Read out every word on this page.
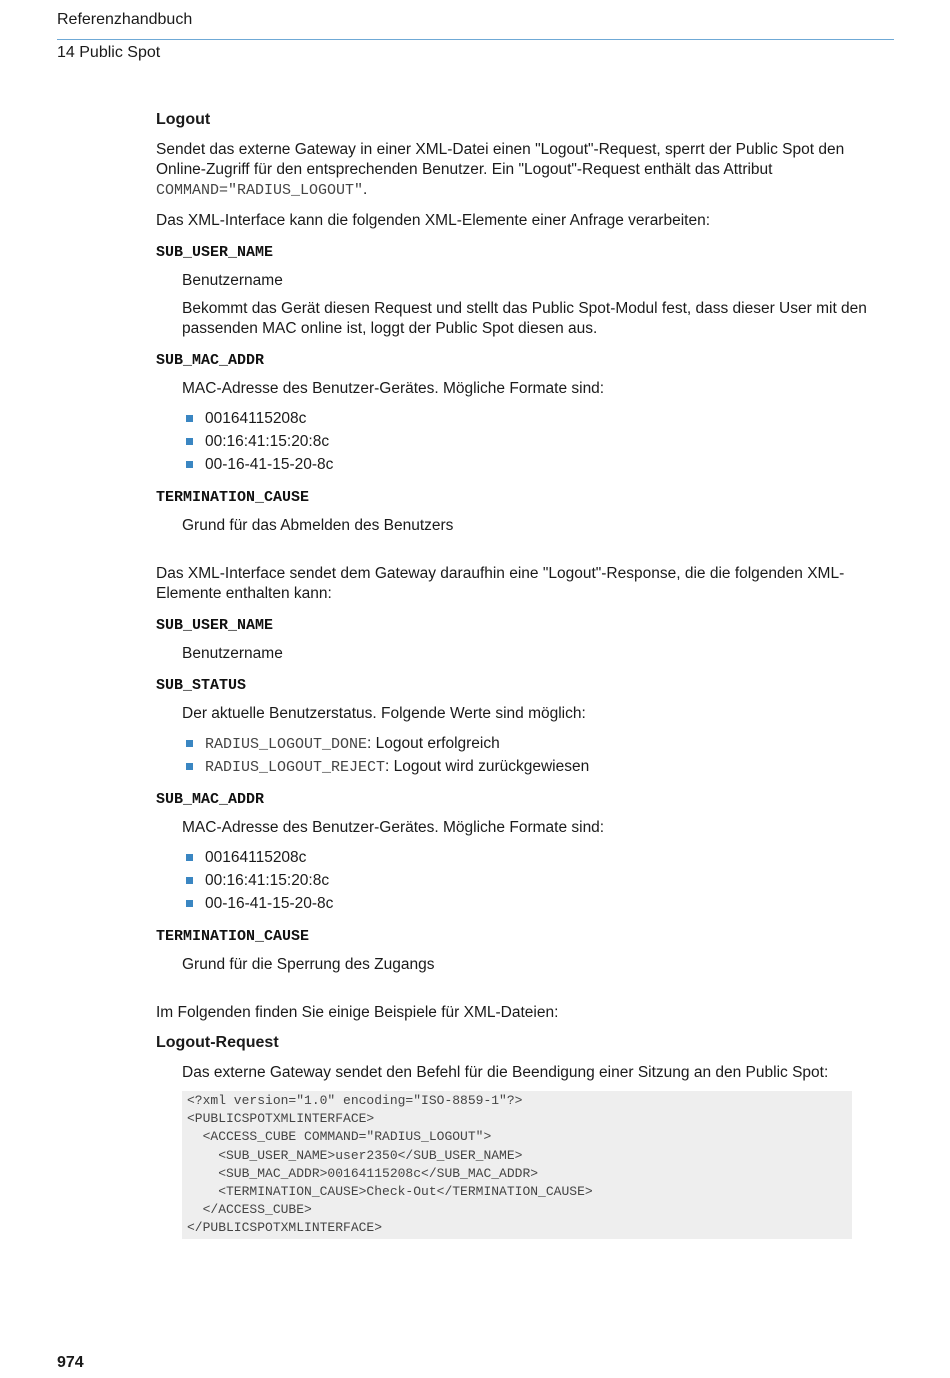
Referenzhandbuch
14 Public Spot
Logout

Sendet das externe Gateway in einer XML-Datei einen "Logout"-Request, sperrt der Public Spot den Online-Zugriff für den entsprechenden Benutzer. Ein "Logout"-Request enthält das Attribut COMMAND="RADIUS_LOGOUT".

Das XML-Interface kann die folgenden XML-Elemente einer Anfrage verarbeiten:

SUB_USER_NAME

Benutzername

Bekommt das Gerät diesen Request und stellt das Public Spot-Modul fest, dass dieser User mit den passenden MAC online ist, loggt der Public Spot diesen aus.

SUB_MAC_ADDR

MAC-Adresse des Benutzer-Gerätes. Mögliche Formate sind:

00164115208c
00:16:41:15:20:8c
00-16-41-15-20-8c
TERMINATION_CAUSE

Grund für das Abmelden des Benutzers

Das XML-Interface sendet dem Gateway daraufhin eine "Logout"-Response, die die folgenden XML-Elemente enthalten kann:

SUB_USER_NAME

Benutzername

SUB_STATUS

Der aktuelle Benutzerstatus. Folgende Werte sind möglich:

RADIUS_LOGOUT_DONE: Logout erfolgreich
RADIUS_LOGOUT_REJECT: Logout wird zurückgewiesen
SUB_MAC_ADDR

MAC-Adresse des Benutzer-Gerätes. Mögliche Formate sind:

00164115208c
00:16:41:15:20:8c
00-16-41-15-20-8c
TERMINATION_CAUSE

Grund für die Sperrung des Zugangs

Im Folgenden finden Sie einige Beispiele für XML-Dateien:

Logout-Request

Das externe Gateway sendet den Befehl für die Beendigung einer Sitzung an den Public Spot:

<?xml version="1.0" encoding="ISO-8859-1"?>
<PUBLICSPOTXMLINTERFACE>
<ACCESS_CUBE COMMAND="RADIUS_LOGOUT">
<SUB_USER_NAME>user2350</SUB_USER_NAME>
<SUB_MAC_ADDR>00164115208c</SUB_MAC_ADDR>
<TERMINATION_CAUSE>Check-Out</TERMINATION_CAUSE>
</ACCESS_CUBE>
</PUBLICSPOTXMLINTERFACE>
974
